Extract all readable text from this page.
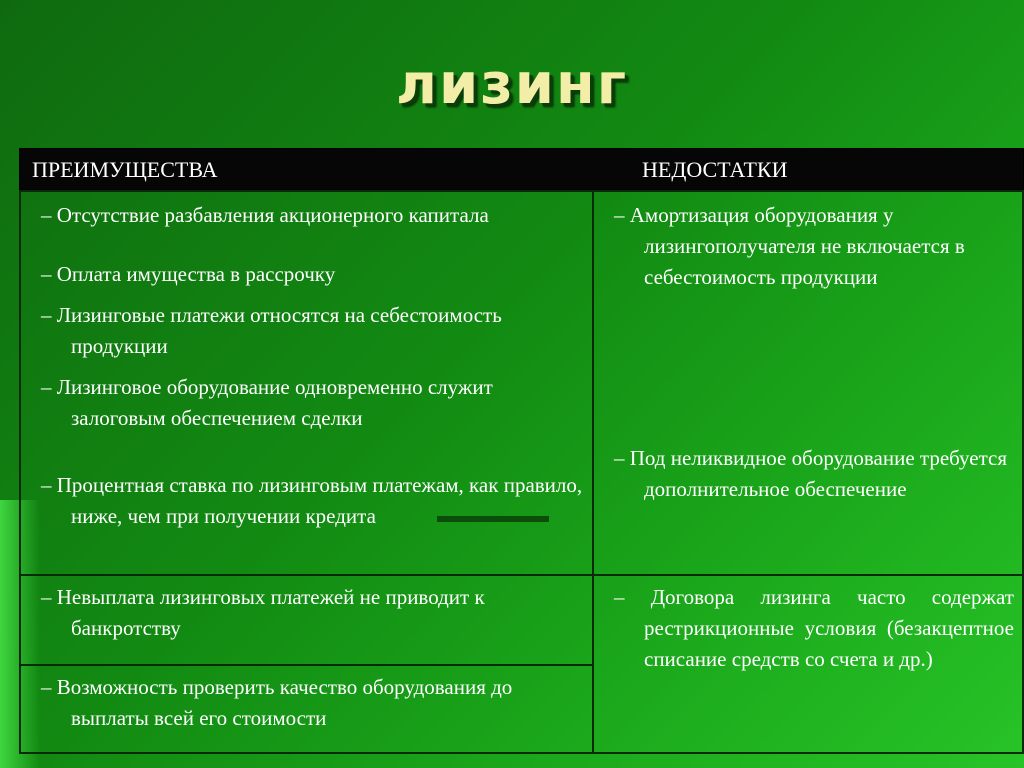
лизинг
ПРЕИМУЩЕСТВА	НЕДОСТАТКИ

– Отсутствие разбавления акционерного капитала

– Оплата имущества в рассрочку

– Лизинговые платежи относятся на себестоимость продукции

– Лизинговое оборудование одновременно служит залоговым обеспечением сделки

– Процентная ставка по лизинговым платежам, как правило, ниже, чем при получении кредита

– Амортизация оборудования у лизингополучателя не включается в себестоимость продукции

– Под неликвидное оборудование требуется дополнительное обеспечение

– Невыплата лизинговых платежей не приводит к банкротству

– Возможность проверить качество оборудования до выплаты всей его стоимости

– Договора лизинга часто содержат рестрикционные условия (безакцептное списание средств со счета и др.)
